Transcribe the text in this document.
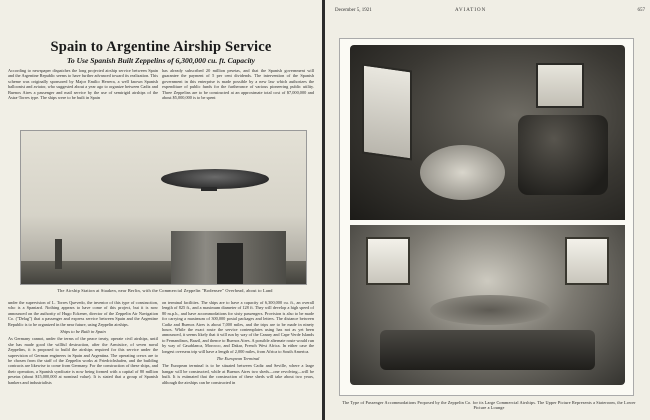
Spain to Argentine Airship Service
To Use Spanish Built Zeppelins of 6,300,000 cu. ft. Capacity
According to newspaper dispatches the long projected airship service between Spain and the Argentine Republic seems to have further advanced toward its realization. This scheme was originally sponsored by Major Emilio Herrera, a well known Spanish balloonist and aviator, who suggested about a year ago to organize between Cadiz and Buenos Aires a passenger and mail service by the use of semirigid airships of the Astra-Torres type. The ships were to be built in Spain
has already subscribed 20 million pesetas, and that the Spanish government will guarantee the payment of 5 per cent dividends. The intervention of the Spanish government in this enterprise is made possible by a new law which authorizes the expenditure of public funds for the furtherance of various pioneering public utility. Three Zeppelins are to be constructed at an approximate total cost of $7,000,000 and about $5,000,000 is to be spent
The Airship Station at Staaken, near Berlin, with the Commercial Zeppelin "Bodensee" Overhead, about to Land
under the supervision of L. Torres Quevedo, the inventor of this type of construction, who is a Spaniard. Nothing appears to have come of this project, but it is now announced on the authority of Hugo Eckener, director of the Zeppelin Air Navigation Co. ("Delag") that a passenger and express service between Spain and the Argentine Republic is to be organized in the near future, using Zeppelin airships.
Ships to be Built in Spain
As Germany cannot, under the terms of the peace treaty, operate civil airships, until she has made good the willful destruction, after the Armistice, of seven naval Zeppelins, it is proposed to build the airships required for this service under the supervision of German engineers in Spain and Argentina. The operating crews are to be chosen from the staff of the Zeppelin works at Friedrichshafen, and the building contracts are likewise to come from Germany. For the construction of these ships, and their operation, a Spanish syndicate is now being formed with a capital of 80 million pesetas (about $15,000,000 at nominal value). It is stated that a group of Spanish bankers and industrialists
on terminal facilities. The ships are to have a capacity of 6,300,000 cu. ft., an overall length of 825 ft., and a maximum diameter of 128 ft. They will develop a high speed of 80 m.p.h., and have accommodations for sixty passengers. Provision is also to be made for carrying a maximum of 300,000 postal packages and letters. The distance between Cadiz and Buenos Aires is about 7,000 miles, and the trips are to be made in ninety hours. While the exact route the service contemplates using has not as yet been announced, it seems likely that it will run by way of the Canary and Cape Verde Islands to Fernandinos, Brazil, and thence to Buenos Aires. A possible alternate route would run by way of Casablanca, Morocco, and Dakar, French West Africa. In either case the longest overseas trip will have a length of 2,000 miles, from Africa to South America.
The European Terminal
The European terminal is to be situated between Cadiz and Seville, where a large hangar will be constructed, while at Buenos Aires two sheds—one revolving—will be built. It is estimated that the construction of these sheds will take about two years, although the airships can be constructed in
December 5, 1921	AVIATION	657
The Type of Passenger Accommodations Proposed by the Zeppelin Co. for its Large Commercial Airships. The Upper Picture Represents a Stateroom, the Lower Picture a Lounge
